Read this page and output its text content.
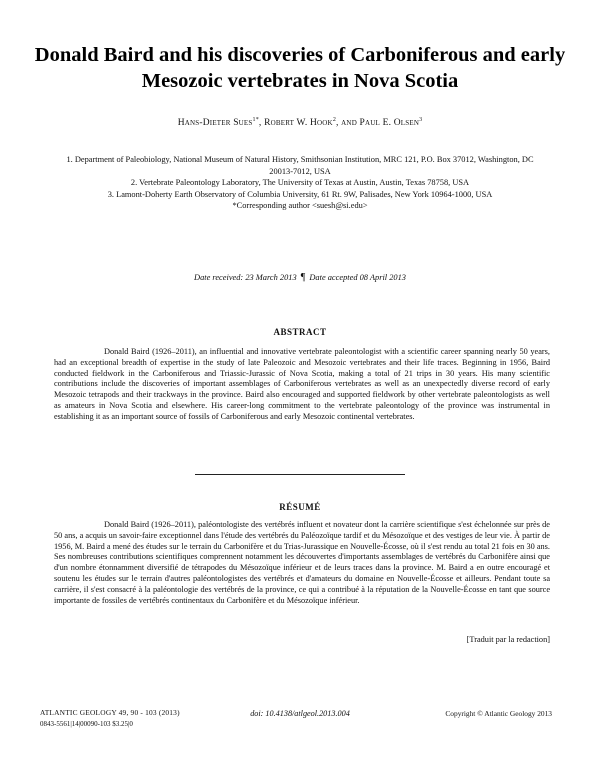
Donald Baird and his discoveries of Carboniferous and early Mesozoic vertebrates in Nova Scotia
Hans-Dieter Sues$^{1*}$, Robert W. Hook$^2$, and Paul E. Olsen$^3$
1. Department of Paleobiology, National Museum of Natural History, Smithsonian Institution, MRC 121, P.O. Box 37012, Washington, DC 20013-7012, USA
2. Vertebrate Paleontology Laboratory, The University of Texas at Austin, Austin, Texas 78758, USA
3. Lamont-Doherty Earth Observatory of Columbia University, 61 Rt. 9W, Palisades, New York 10964-1000, USA
*Corresponding author <suesh@si.edu>
Date received: 23 March 2013 ¶ Date accepted 08 April 2013
ABSTRACT
Donald Baird (1926–2011), an influential and innovative vertebrate paleontologist with a scientific career spanning nearly 50 years, had an exceptional breadth of expertise in the study of late Paleozoic and Mesozoic vertebrates and their life traces. Beginning in 1956, Baird conducted fieldwork in the Carboniferous and Triassic-Jurassic of Nova Scotia, making a total of 21 trips in 30 years. His many scientific contributions include the discoveries of important assemblages of Carboniferous vertebrates as well as an unexpectedly diverse record of early Mesozoic tetrapods and their trackways in the province. Baird also encouraged and supported fieldwork by other vertebrate paleontologists as well as amateurs in Nova Scotia and elsewhere. His career-long commitment to the vertebrate paleontology of the province was instrumental in establishing it as an important source of fossils of Carboniferous and early Mesozoic continental vertebrates.
RÉSUMÉ
Donald Baird (1926–2011), paléontologiste des vertébrés influent et novateur dont la carrière scientifique s'est échelonnée sur près de 50 ans, a acquis un savoir-faire exceptionnel dans l'étude des vertébrés du Paléozoïque tardif et du Mésozoïque et des vestiges de leur vie. À partir de 1956, M. Baird a mené des études sur le terrain du Carbonifère et du Trias-Jurassique en Nouvelle-Écosse, où il s'est rendu au total 21 fois en 30 ans. Ses nombreuses contributions scientifiques comprennent notamment les découvertes d'importants assemblages de vertébrés du Carbonifère ainsi que d'un nombre étonnamment diversifié de tétrapodes du Mésozoïque inférieur et de leurs traces dans la province. M. Baird a en outre encouragé et soutenu les études sur le terrain d'autres paléontologistes des vertébrés et d'amateurs du domaine en Nouvelle-Écosse et ailleurs. Pendant toute sa carrière, il s'est consacré à la paléontologie des vertébrés de la province, ce qui a contribué à la réputation de la Nouvelle-Écosse en tant que source importante de fossiles de vertébrés continentaux du Carbonifère et du Mésozoïque inférieur.
[Traduit par la redaction]
ATLANTIC GEOLOGY 49, 90 - 103 (2013)
0843-5561|14|00090-103 $3.25|0
doi: 10.4138/atlgeol.2013.004	Copyright © Atlantic Geology 2013
